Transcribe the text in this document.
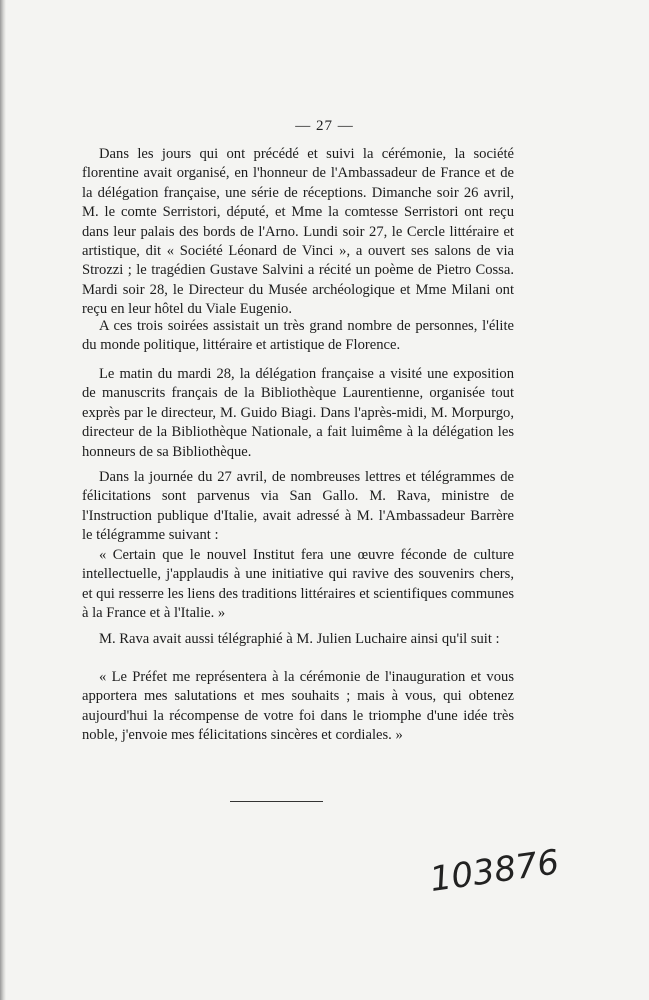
— 27 —

Dans les jours qui ont précédé et suivi la cérémonie, la société florentine avait organisé, en l'honneur de l'Ambassadeur de France et de la délégation française, une série de réceptions. Dimanche soir 26 avril, M. le comte Serristori, député, et Mme la comtesse Serristori ont reçu dans leur palais des bords de l'Arno. Lundi soir 27, le Cercle littéraire et artistique, dit « Société Léonard de Vinci », a ouvert ses salons de via Strozzi ; le tragédien Gustave Salvini a récité un poème de Pietro Cossa. Mardi soir 28, le Directeur du Musée archéologique et Mme Milani ont reçu en leur hôtel du Viale Eugenio.

A ces trois soirées assistait un très grand nombre de personnes, l'élite du monde politique, littéraire et artistique de Florence.

Le matin du mardi 28, la délégation française a visité une exposition de manuscrits français de la Bibliothèque Laurentienne, organisée tout exprès par le directeur, M. Guido Biagi. Dans l'après-midi, M. Morpurgo, directeur de la Bibliothèque Nationale, a fait luimême à la délégation les honneurs de sa Bibliothèque.

Dans la journée du 27 avril, de nombreuses lettres et télégrammes de félicitations sont parvenus via San Gallo. M. Rava, ministre de l'Instruction publique d'Italie, avait adressé à M. l'Ambassadeur Barrère le télégramme suivant :

« Certain que le nouvel Institut fera une œuvre féconde de culture intellectuelle, j'applaudis à une initiative qui ravive des souvenirs chers, et qui resserre les liens des traditions littéraires et scientifiques communes à la France et à l'Italie. »

M. Rava avait aussi télégraphié à M. Julien Luchaire ainsi qu'il suit :

« Le Préfet me représentera à la cérémonie de l'inauguration et vous apportera mes salutations et mes souhaits ; mais à vous, qui obtenez aujourd'hui la récompense de votre foi dans le triomphe d'une idée très noble, j'envoie mes félicitations sincères et cordiales. »

103876
